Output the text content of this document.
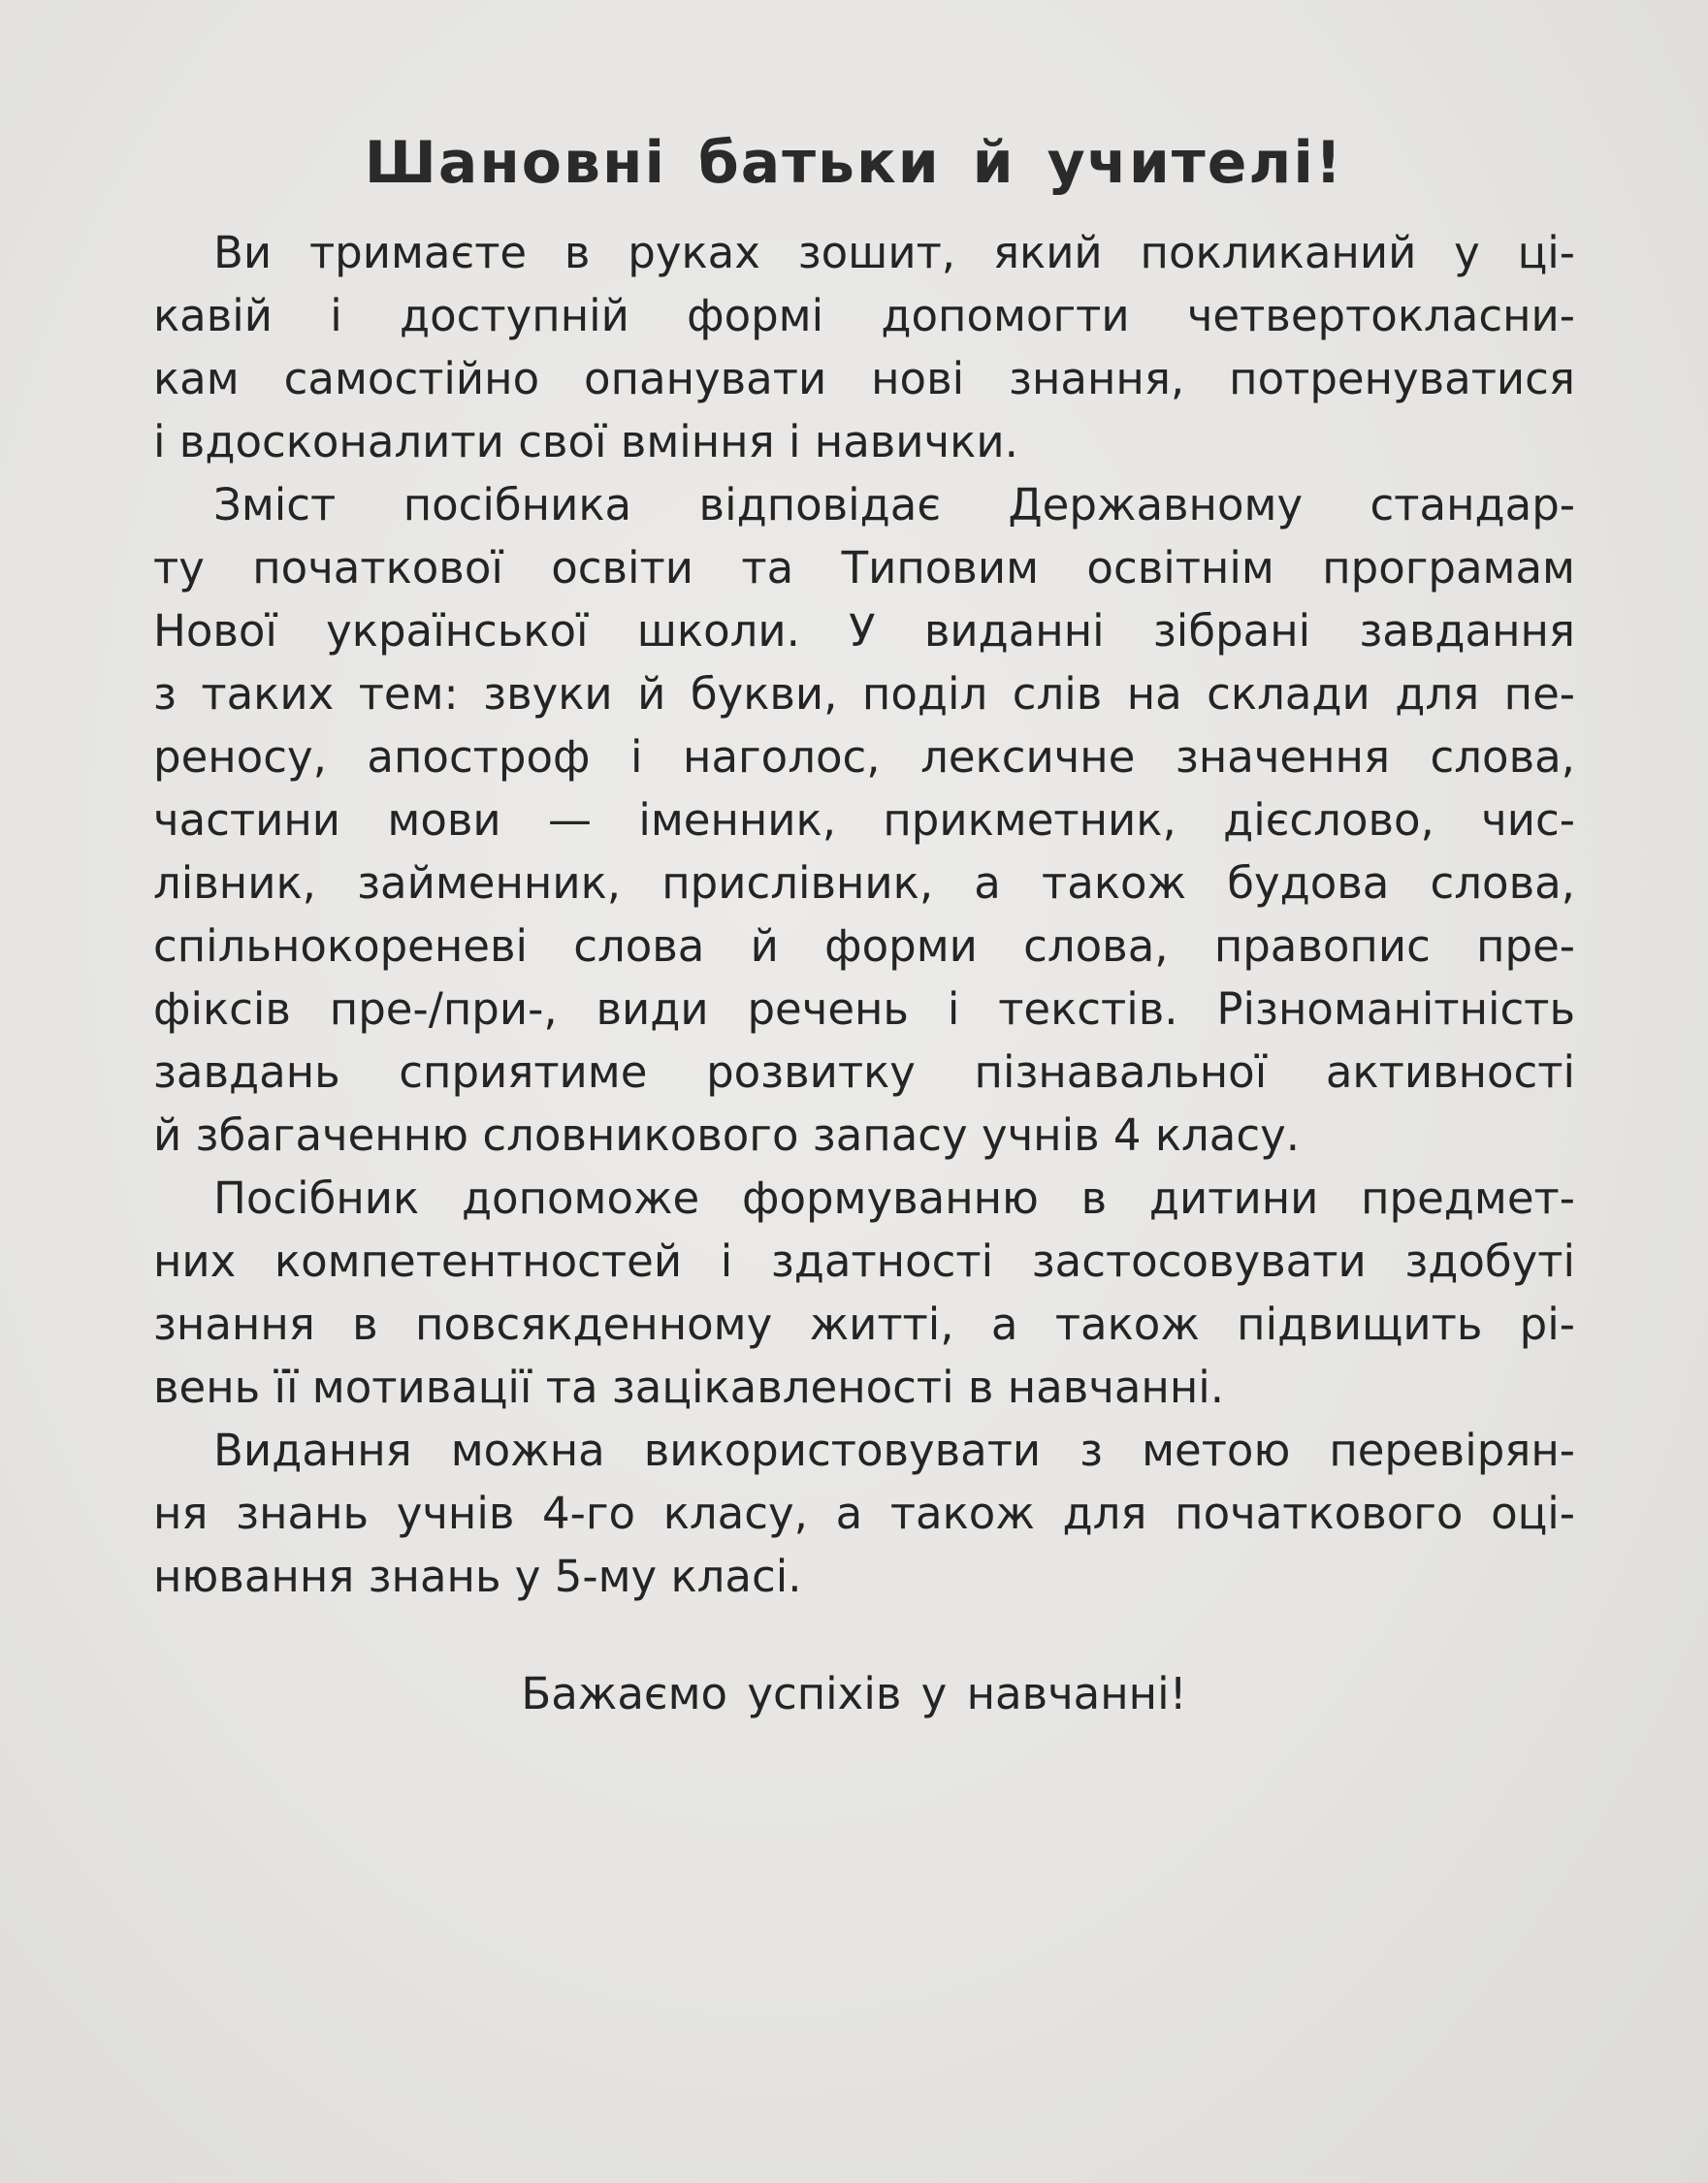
Шановні батьки й учителі!

Ви тримаєте в руках зошит, який покликаний у ці-
кавій і доступній формі допомогти четвертокласни-
кам самостійно опанувати нові знання, потренуватися
і вдосконалити свої вміння і навички.

Зміст посібника відповідає Державному стандар-
ту початкової освіти та Типовим освітнім програмам
Нової української школи. У виданні зібрані завдання
з таких тем: звуки й букви, поділ слів на склади для пе-
реносу, апостроф і наголос, лексичне значення слова,
частини мови — іменник, прикметник, дієслово, чис-
лівник, займенник, прислівник, а також будова слова,
спільнокореневі слова й форми слова, правопис пре-
фіксів пре-/при-, види речень і текстів. Різноманітність
завдань сприятиме розвитку пізнавальної активності
й збагаченню словникового запасу учнів 4 класу.

Посібник допоможе формуванню в дитини предмет-
них компетентностей і здатності застосовувати здобуті
знання в повсякденному житті, а також підвищить рі-
вень її мотивації та зацікавленості в навчанні.

Видання можна використовувати з метою перевірян-
ня знань учнів 4-го класу, а також для початкового оці-
нювання знань у 5-му класі.

Бажаємо успіхів у навчанні!
